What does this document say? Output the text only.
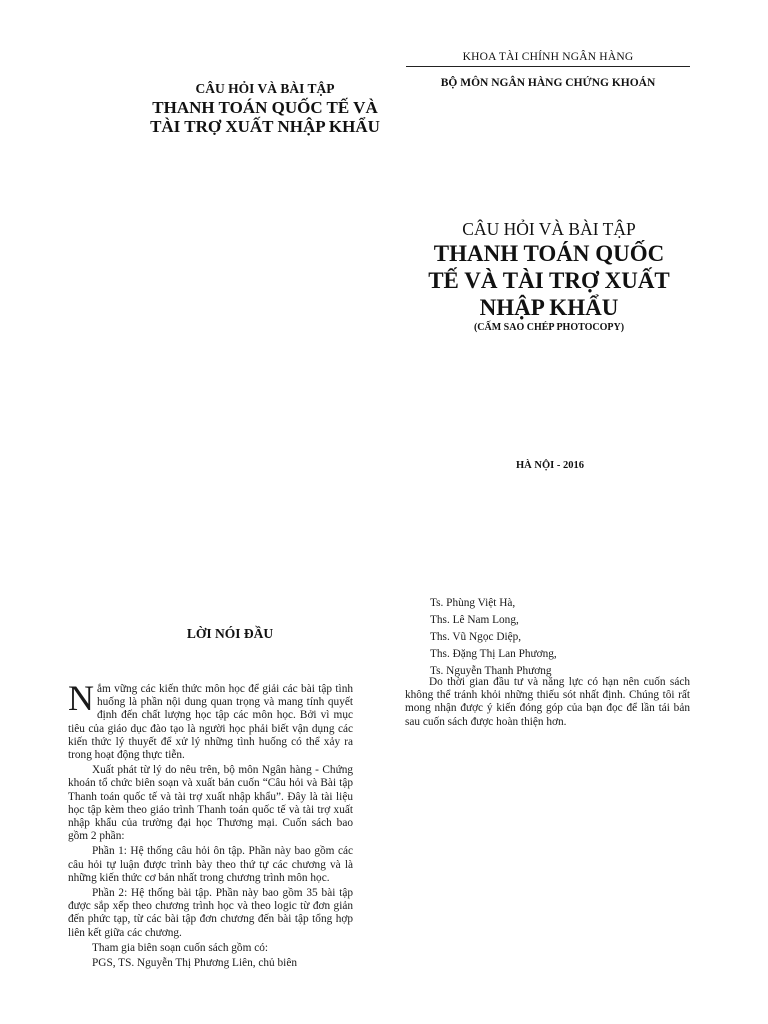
CÂU HỎI VÀ BÀI TẬP
THANH TOÁN QUỐC TẾ VÀ
TÀI TRỢ XUẤT NHẬP KHẨU
KHOA TÀI CHÍNH NGÂN HÀNG
BỘ MÔN NGÂN HÀNG CHỨNG KHOÁN
CÂU HỎI VÀ BÀI TẬP
THANH TOÁN QUỐC
TẾ VÀ TÀI TRỢ XUẤT
NHẬP KHẨU
(CẤM SAO CHÉP PHOTOCOPY)
HÀ NỘI - 2016
LỜI NÓI ĐẦU

Nắm vững các kiến thức môn học để giải các bài tập tình huống là phần nội dung quan trọng và mang tính quyết định đến chất lượng học tập các môn học. Bởi vì mục tiêu của giáo dục đào tạo là người học phải biết vận dụng các kiến thức lý thuyết để xử lý những tình huống có thể xảy ra trong hoạt động thực tiễn.

Xuất phát từ lý do nêu trên, bộ môn Ngân hàng - Chứng khoán tổ chức biên soạn và xuất bản cuốn “Câu hỏi và Bài tập Thanh toán quốc tế và tài trợ xuất nhập khẩu”. Đây là tài liệu học tập kèm theo giáo trình Thanh toán quốc tế và tài trợ xuất nhập khẩu của trường đại học Thương mại. Cuốn sách bao gồm 2 phần:

Phần 1: Hệ thống câu hỏi ôn tập. Phần này bao gồm các câu hỏi tự luận được trình bày theo thứ tự các chương và là những kiến thức cơ bản nhất trong chương trình môn học.

Phần 2: Hệ thống bài tập. Phần này bao gồm 35 bài tập được sắp xếp theo chương trình học và theo logic từ đơn giản đến phức tạp, từ các bài tập đơn chương đến bài tập tổng hợp liên kết giữa các chương.

Tham gia biên soạn cuốn sách gồm có:

PGS, TS. Nguyễn Thị Phương Liên, chủ biên

Ts. Phùng Việt Hà,
Ths. Lê Nam Long,
Ths. Vũ Ngọc Diệp,
Ths. Đặng Thị Lan Phương,
Ts. Nguyễn Thanh Phương
Do thời gian đầu tư và năng lực có hạn nên cuốn sách không thể tránh khỏi những thiếu sót nhất định. Chúng tôi rất mong nhận được ý kiến đóng góp của bạn đọc để lần tái bản sau cuốn sách được hoàn thiện hơn.
